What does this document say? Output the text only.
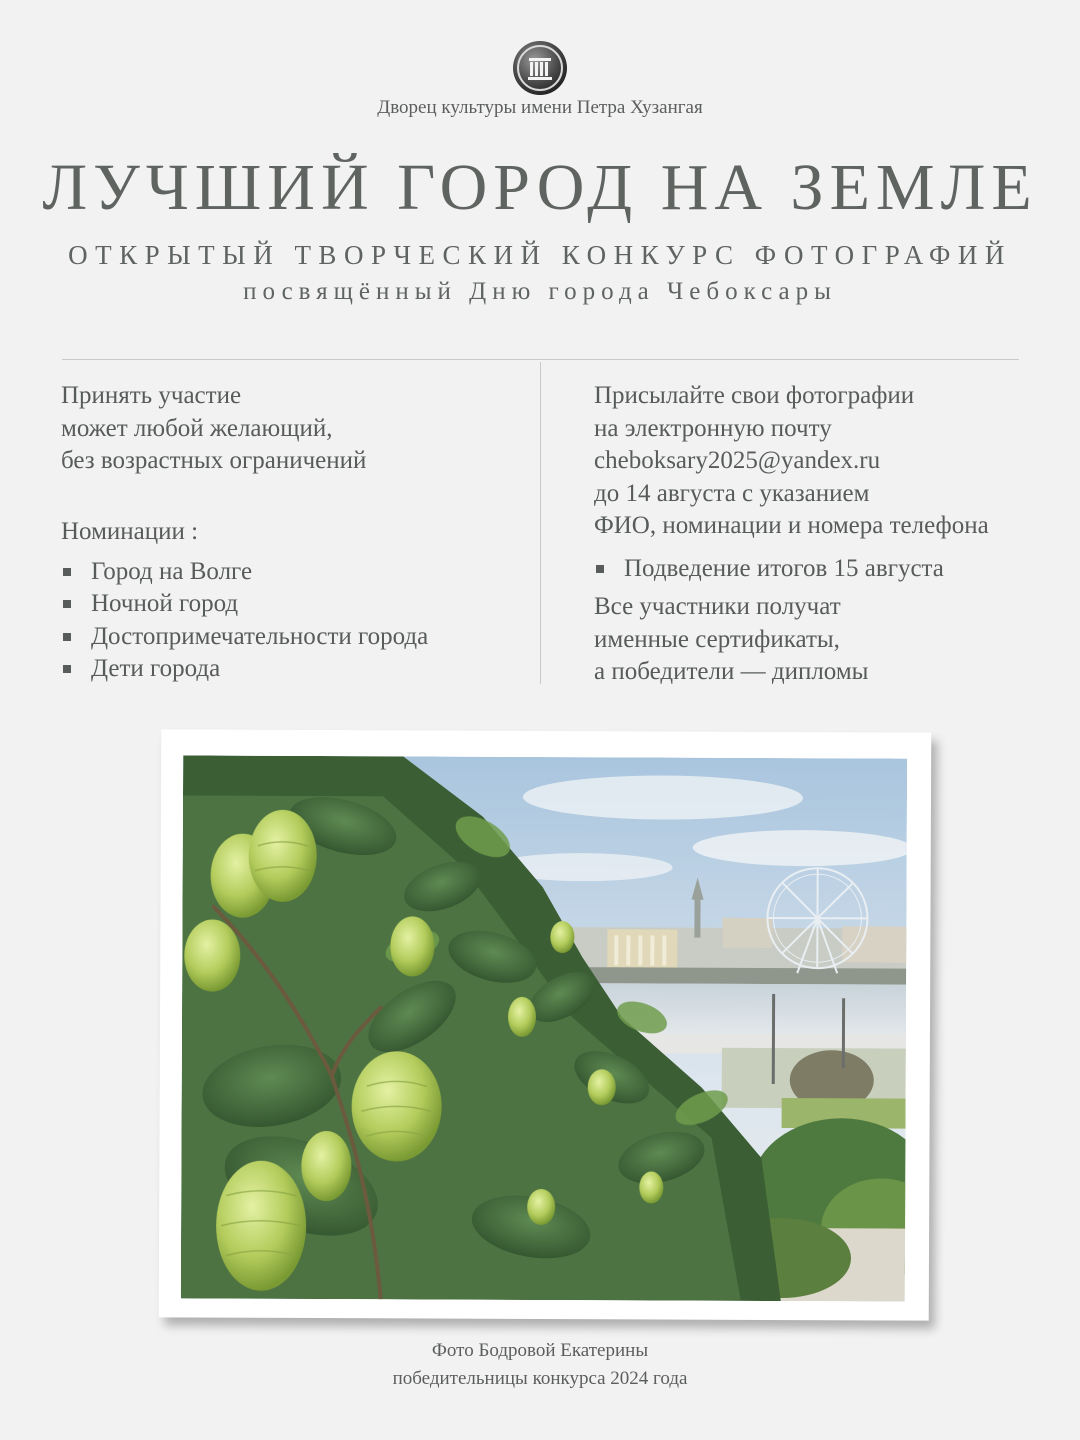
Дворец культуры имени Петра Хузангая
ЛУЧШИЙ ГОРОД НА ЗЕМЛЕ
ОТКРЫТЫЙ ТВОРЧЕСКИЙ КОНКУРС ФОТОГРАФИЙ
посвящённый Дню города Чебоксары
Принять участие
может любой желающий,
без возрастных ограничений
Номинации :
Город на Волге
Ночной город
Достопримечательности города
Дети города
Присылайте свои фотографии
на электронную почту
cheboksary2025@yandex.ru
до 14 августа с указанием
ФИО, номинации и номера телефона
Подведение итогов 15 августа
Все участники получат
именные сертификаты,
а победители — дипломы
Фото Бодровой Екатерины
победительницы конкурса 2024 года
